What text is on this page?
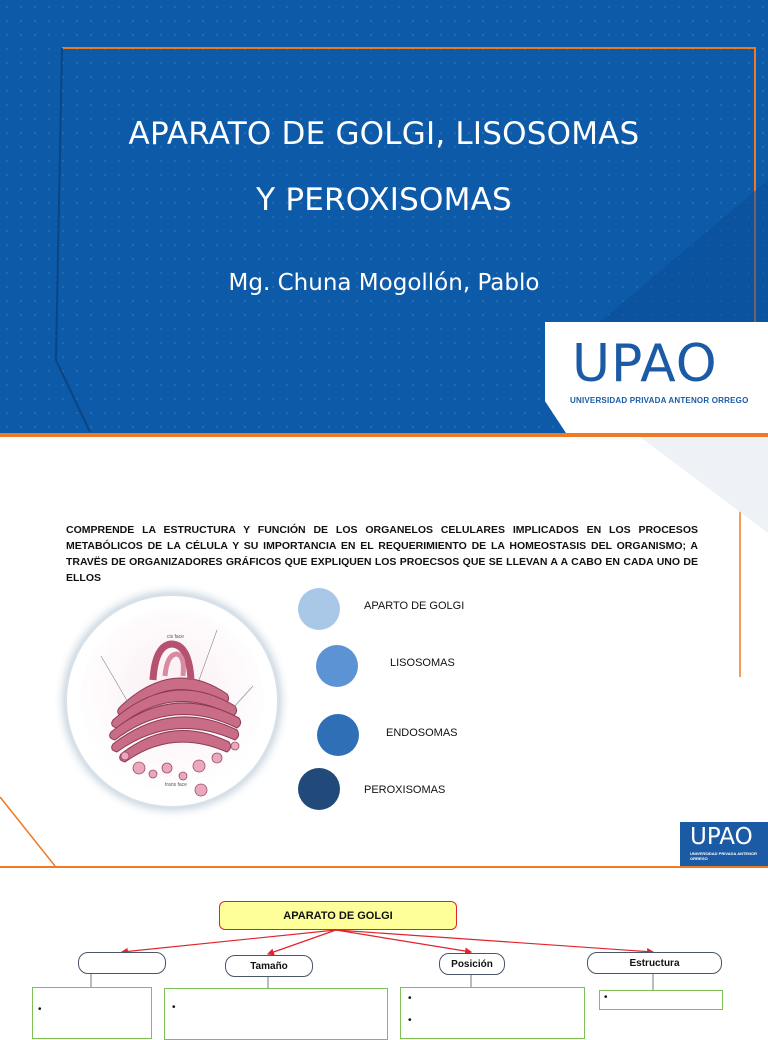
APARATO DE GOLGI, LISOSOMAS
Y PEROXISOMAS
Mg. Chuna Mogollón, Pablo
UPAO
UNIVERSIDAD PRIVADA ANTENOR ORREGO
COMPRENDE LA ESTRUCTURA Y FUNCIÓN DE LOS ORGANELOS CELULARES IMPLICADOS EN LOS PROCESOS METABÓLICOS DE LA CÉLULA Y SU IMPORTANCIA EN EL REQUERIMIENTO DE LA HOMEOSTASIS DEL ORGANISMO; A TRAVËS DE ORGANIZADORES GRÁFICOS QUE EXPLIQUEN LOS PROECSOS QUE SE LLEVAN A A CABO EN CADA UNO DE ELLOS
cis face
trans face
APARTO DE GOLGI
LISOSOMAS
ENDOSOMAS
PEROXISOMAS
UPAO
UNIVERSIDAD PRIVADA ANTENOR ORREGO
APARATO DE GOLGI
Tamaño	Posición	Estructura
•	•
•
•
•
